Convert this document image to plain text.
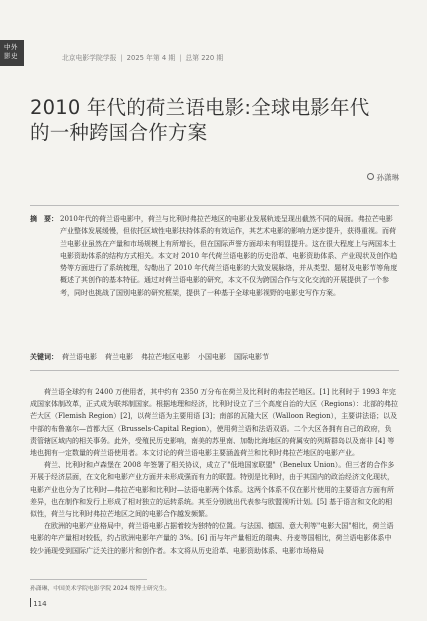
中外
影史	北京电影学院学报 | 2025 年第 4 期 | 总第 220 期
2010 年代的荷兰语电影:全球电影年代
的一种跨国合作方案
孙潇琳
摘　要： 2010年代的荷兰语电影中，荷兰与比利时弗拉芒地区的电影业发展轨迹呈现出截然不同的局面。弗拉芒电影产业整体发展缓慢，但依托区域性电影扶持体系的有效运作，其艺术电影的影响力逐步提升，获得重视。而荷兰电影业虽然在产量和市场规模上有所增长，但在国际声誉方面却未有明显提升。这在很大程度上与两国本土电影资助体系的结构方式相关。本文对 2010 年代荷兰语电影的历史沿革、电影资助体系、产业现状及创作趋势等方面进行了系统梳理，勾勒出了 2010 年代荷兰语电影的大致发展脉络，并从类型、题材及电影节等角度概述了其创作的基本特征。通过对荷兰语电影的研究，本文不仅为跨国合作与文化交流的开展提供了一个参考，同时也挑战了国别电影的研究框架，提供了一种基于全球电影视野的电影史写作方案。
关键词： 荷兰语电影 荷兰电影 弗拉芒地区电影 小国电影 国际电影节

荷兰语全球约有 2400 万使用者，其中约有 2350 万分布在荷兰及比利时的弗拉芒地区。[1] 比利时于 1993 年完成国家体制改革，正式成为联邦制国家。根据地理和经济，比利时设立了三个高度自治的大区（Regions）：北部的弗拉芒大区（Flemish Region）[2]，以荷兰语为主要用语 [3]；南部的瓦隆大区（Walloon Region），主要讲法语；以及中部的布鲁塞尔—首都大区（Brussels-Capital Region），使用荷兰语和法语双语。二个大区各拥有自己的政府，负责管辖区域内的相关事务。此外，受殖民历史影响，南美的苏里南、加勒比海地区的荷属安的列斯群岛以及南非 [4] 等地也拥有一定数量的荷兰语使用者。本文讨论的荷兰语电影主要涵盖荷兰和比利时弗拉芒地区的电影产业。

荷兰、比利时和卢森堡在 2008 年签署了相关协议，成立了"低地国家联盟"（Benelux Union）。但三者的合作多开展于经济层面，在文化和电影产业方面并未形成强而有力的联盟。特别是比利时，由于其国内的政治经济文化现状，电影产业也分为了比利时—弗拉芒电影和比利时—法语电影两个体系。这两个体系不仅在影片使用的主要语言方面有所差异，也在制作和发行上形成了相对独立的运转系统。其至分别就出代表参与欧盟视听计划。[5] 基于语言和文化的相似性，荷兰与比利时弗拉芒地区之间的电影合作越发频繁。

在欧洲的电影产业格局中，荷兰语电影占据着较为独特的位置。与法国、德国、意大利等"电影大国"相比，荷兰语电影的年产量相对较低，约占欧洲电影年产量的 3%。[6] 而与年产量相近的瑞典、丹麦等国相比，荷兰语电影体系中较少涌现受到国际广泛关注的影片和创作者。本文将从历史沿革、电影资助体系、电影市场格局

孙潇琳，中国美术学院电影学院 2024 级博士研究生。
114
